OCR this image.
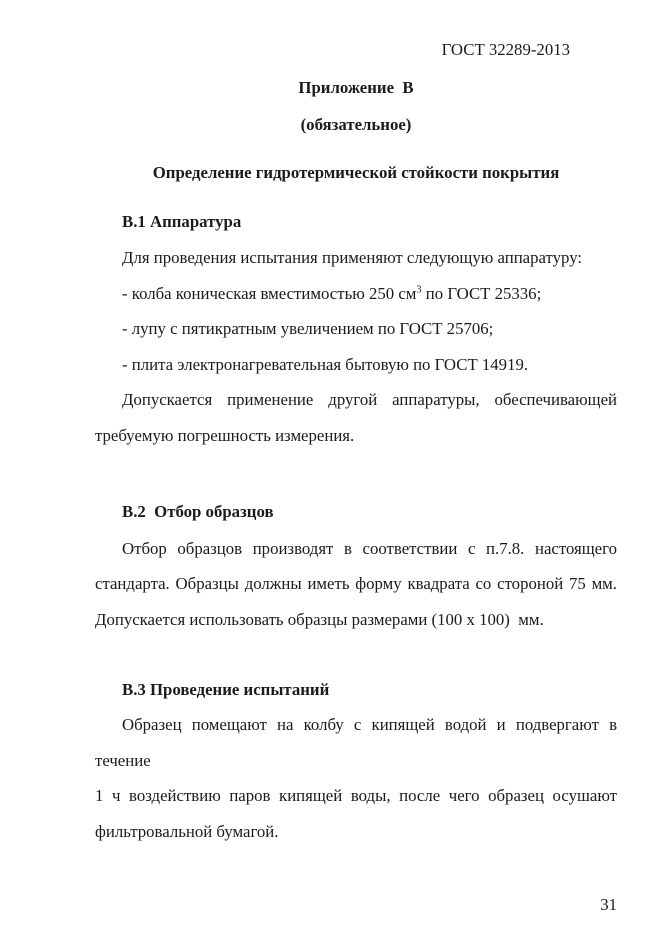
ГОСТ 32289-2013
Приложение  В
(обязательное)
Определение гидротермической стойкости покрытия
В.1 Аппаратура
Для проведения испытания применяют следующую аппаратуру:
- колба коническая вместимостью 250 $см^3$ по ГОСТ 25336;
- лупу с пятикратным увеличением по ГОСТ 25706;
- плита электронагревательная бытовую по ГОСТ 14919.
Допускается применение другой аппаратуры, обеспечивающей
требуемую погрешность измерения.
В.2  Отбор образцов
Отбор образцов производят в соответствии с п.7.8. настоящего
стандарта. Образцы должны иметь форму квадрата со стороной 75 мм.
Допускается использовать образцы размерами (100 x 100)  мм.
В.3 Проведение испытаний
Образец помещают на колбу с кипящей водой и подвергают в течение
1 ч воздействию паров кипящей воды, после чего образец осушают
фильтровальной бумагой.
31
